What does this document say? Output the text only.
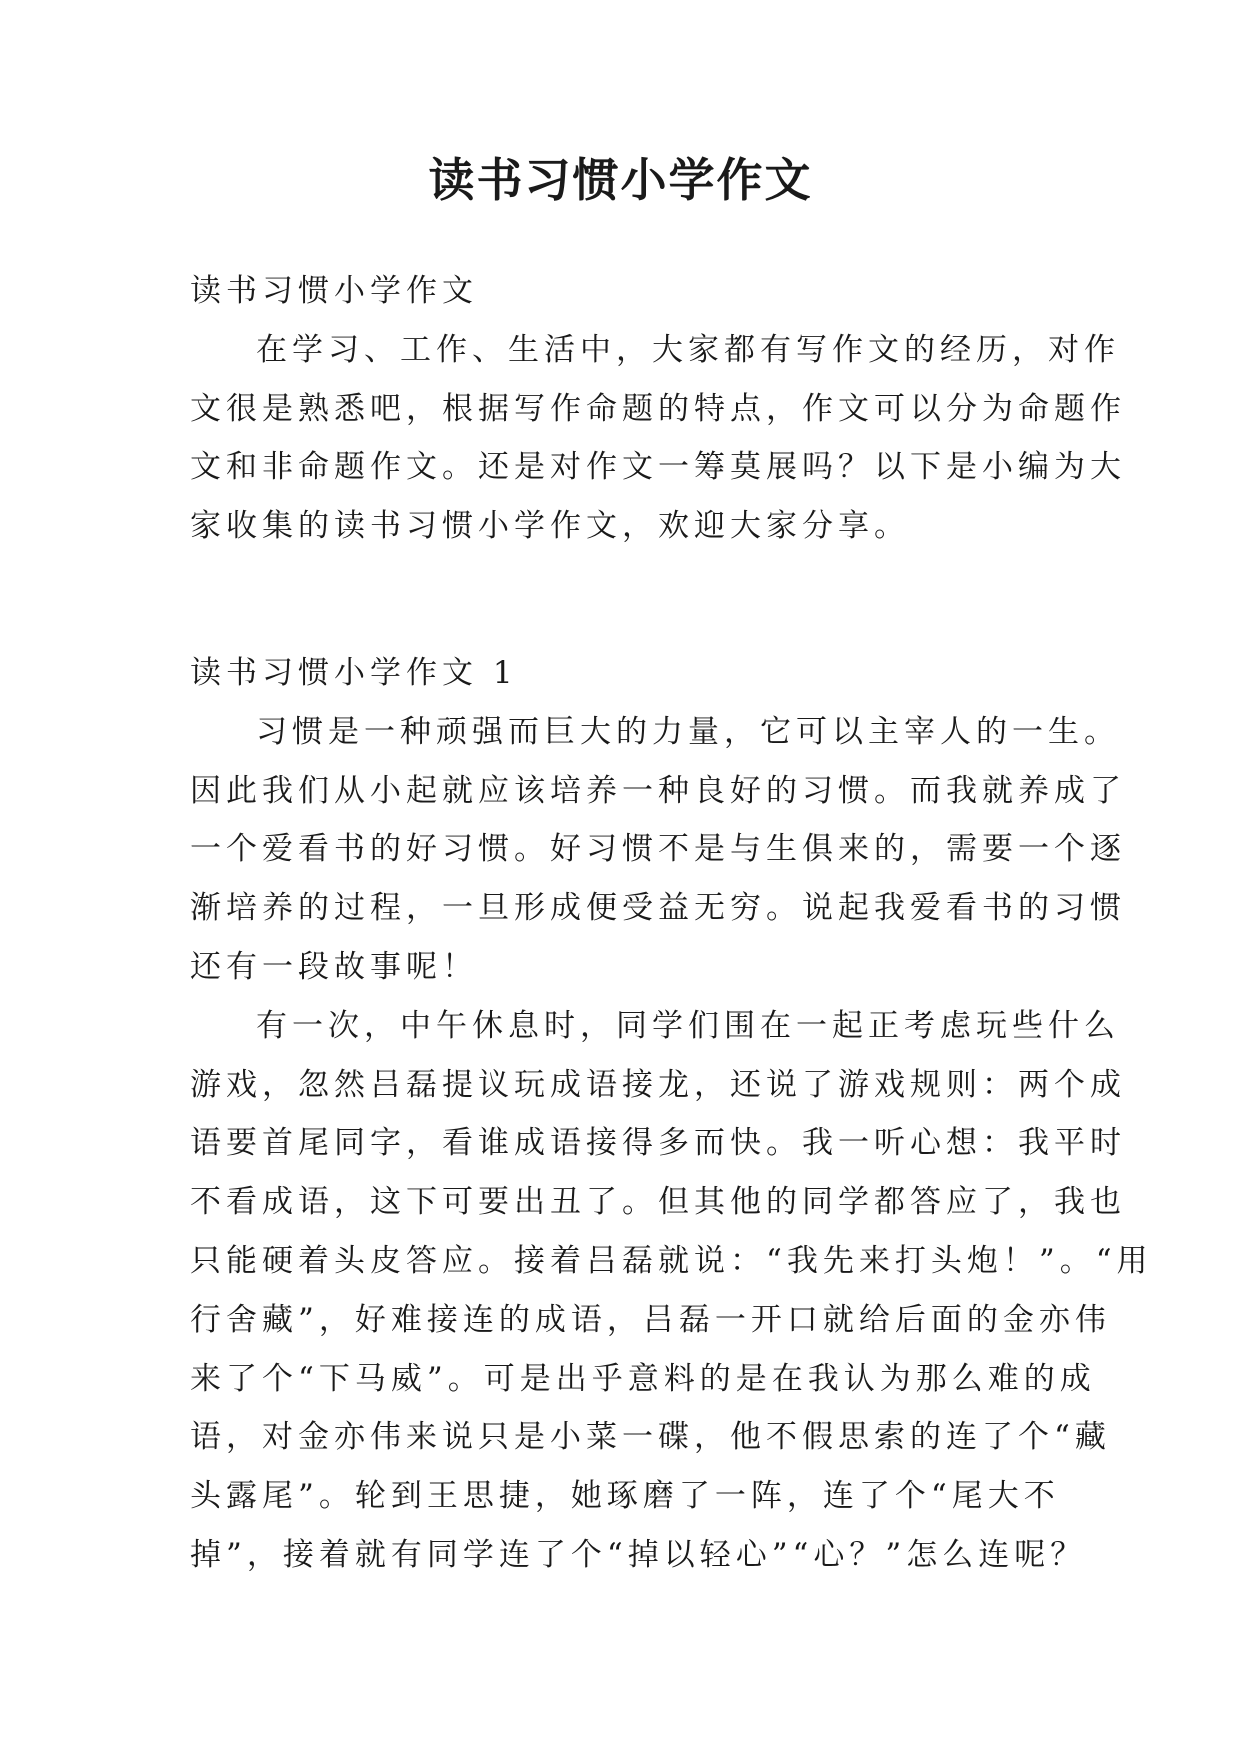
读书习惯小学作文
读书习惯小学作文
在学习、工作、生活中，大家都有写作文的经历，对作
文很是熟悉吧，根据写作命题的特点，作文可以分为命题作
文和非命题作文。还是对作文一筹莫展吗？以下是小编为大
家收集的读书习惯小学作文，欢迎大家分享。
读书习惯小学作文 1
习惯是一种顽强而巨大的力量，它可以主宰人的一生。
因此我们从小起就应该培养一种良好的习惯。而我就养成了
一个爱看书的好习惯。好习惯不是与生俱来的，需要一个逐
渐培养的过程，一旦形成便受益无穷。说起我爱看书的习惯
还有一段故事呢！
有一次，中午休息时，同学们围在一起正考虑玩些什么
游戏，忽然吕磊提议玩成语接龙，还说了游戏规则：两个成
语要首尾同字，看谁成语接得多而快。我一听心想：我平时
不看成语，这下可要出丑了。但其他的同学都答应了，我也
只能硬着头皮答应。接着吕磊就说：“我先来打头炮！”。“用
行舍藏”，好难接连的成语，吕磊一开口就给后面的金亦伟
来了个“下马威”。可是出乎意料的是在我认为那么难的成
语，对金亦伟来说只是小菜一碟，他不假思索的连了个“藏
头露尾”。轮到王思捷，她琢磨了一阵，连了个“尾大不
掉”，接着就有同学连了个“掉以轻心”“心？”怎么连呢？
